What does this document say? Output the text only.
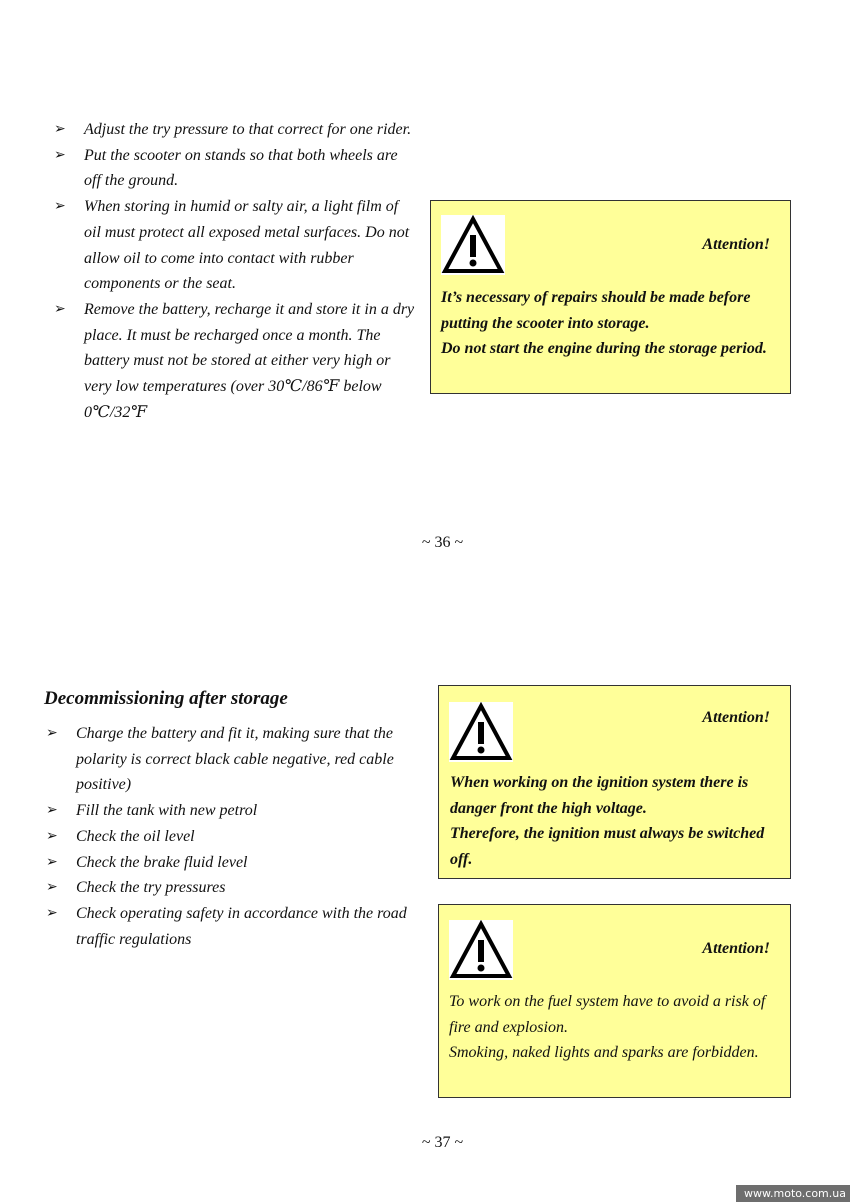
➢ Adjust the try pressure to that correct for one rider.
➢ Put the scooter on stands so that both wheels are off the ground.
➢ When storing in humid or salty air, a light film of oil must protect all exposed metal surfaces. Do not allow oil to come into contact with rubber components or the seat.
➢ Remove the battery, recharge it and store it in a dry place. It must be recharged once a month. The battery must not be stored at either very high or very low temperatures (over 30℃/86℉ below 0℃/32℉
Attention!
It’s necessary of repairs should be made before putting the scooter into storage.
Do not start the engine during the storage period.
~ 36 ~
Decommissioning after storage
➢ Charge the battery and fit it, making sure that the polarity is correct black cable negative, red cable positive)
➢ Fill the tank with new petrol
➢ Check the oil level
➢ Check the brake fluid level
➢ Check the try pressures
➢ Check operating safety in accordance with the road traffic regulations
Attention!
When working on the ignition system there is danger front the high voltage.
Therefore, the ignition must always be switched off.
Attention!
To work on the fuel system have to avoid a risk of fire and explosion.
Smoking, naked lights and sparks are forbidden.
~ 37 ~
www.moto.com.ua
